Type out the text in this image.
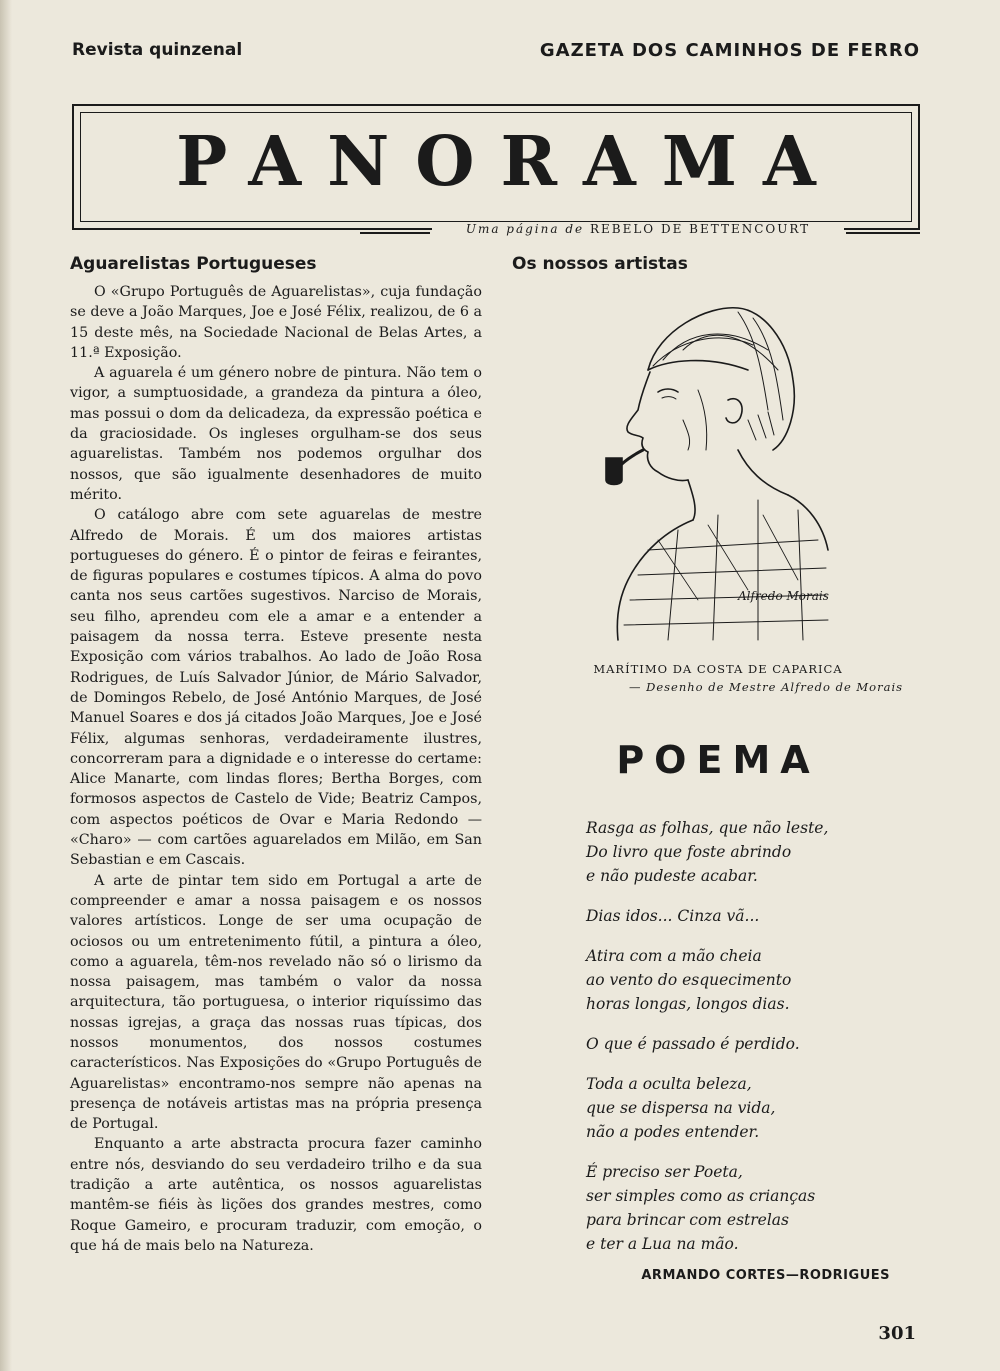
Revista quinzenal	GAZETA DOS CAMINHOS DE FERRO
PANORAMA
Uma página de REBELO DE BETTENCOURT
Aguarelistas Portugueses

O «Grupo Português de Aguarelistas», cuja fundação se deve a João Marques, Joe e José Félix, realizou, de 6 a 15 deste mês, na Sociedade Nacional de Belas Artes, a 11.ª Exposição.

A aguarela é um género nobre de pintura. Não tem o vigor, a sumptuosidade, a grandeza da pintura a óleo, mas possui o dom da delicadeza, da expressão poética e da graciosidade. Os ingleses orgulham-se dos seus aguarelistas. Também nos podemos orgulhar dos nossos, que são igualmente desenhadores de muito mérito.

O catálogo abre com sete aguarelas de mestre Alfredo de Morais. É um dos maiores artistas portugueses do género. É o pintor de feiras e feirantes, de figuras populares e costumes típicos. A alma do povo canta nos seus cartões sugestivos. Narciso de Morais, seu filho, aprendeu com ele a amar e a entender a paisagem da nossa terra. Esteve presente nesta Exposição com vários trabalhos. Ao lado de João Rosa Rodrigues, de Luís Salvador Júnior, de Mário Salvador, de Domingos Rebelo, de José António Marques, de José Manuel Soares e dos já citados João Marques, Joe e José Félix, algumas senhoras, verdadeiramente ilustres, concorreram para a dignidade e o interesse do certame: Alice Manarte, com lindas flores; Bertha Borges, com formosos aspectos de Castelo de Vide; Beatriz Campos, com aspectos poéticos de Ovar e Maria Redondo — «Charo» — com cartões aguarelados em Milão, em San Sebastian e em Cascais.

A arte de pintar tem sido em Portugal a arte de compreender e amar a nossa paisagem e os nossos valores artísticos. Longe de ser uma ocupação de ociosos ou um entretenimento fútil, a pintura a óleo, como a aguarela, têm-nos revelado não só o lirismo da nossa paisagem, mas também o valor da nossa arquitectura, tão portuguesa, o interior riquíssimo das nossas igrejas, a graça das nossas ruas típicas, dos nossos monumentos, dos nossos costumes característicos. Nas Exposições do «Grupo Português de Aguarelistas» encontramo-nos sempre não apenas na presença de notáveis artistas mas na própria presença de Portugal.

Enquanto a arte abstracta procura fazer caminho entre nós, desviando do seu verdadeiro trilho e da sua tradição a arte autêntica, os nossos aguarelistas mantêm-se fiéis às lições dos grandes mestres, como Roque Gameiro, e procuram traduzir, com emoção, o que há de mais belo na Natureza.

Os nossos artistas
Alfredo Morais
MARÍTIMO DA COSTA DE CAPARICA
— Desenho de Mestre Alfredo de Morais
POEMA
Rasga as folhas, que não leste,
Do livro que foste abrindo
e não pudeste acabar.
Dias idos... Cinza vã...
Atira com a mão cheia
ao vento do esquecimento
horas longas, longos dias.
O que é passado é perdido.
Toda a oculta beleza,
que se dispersa na vida,
não a podes entender.
É preciso ser Poeta,
ser simples como as crianças
para brincar com estrelas
e ter a Lua na mão.
ARMANDO CORTES—RODRIGUES
301
